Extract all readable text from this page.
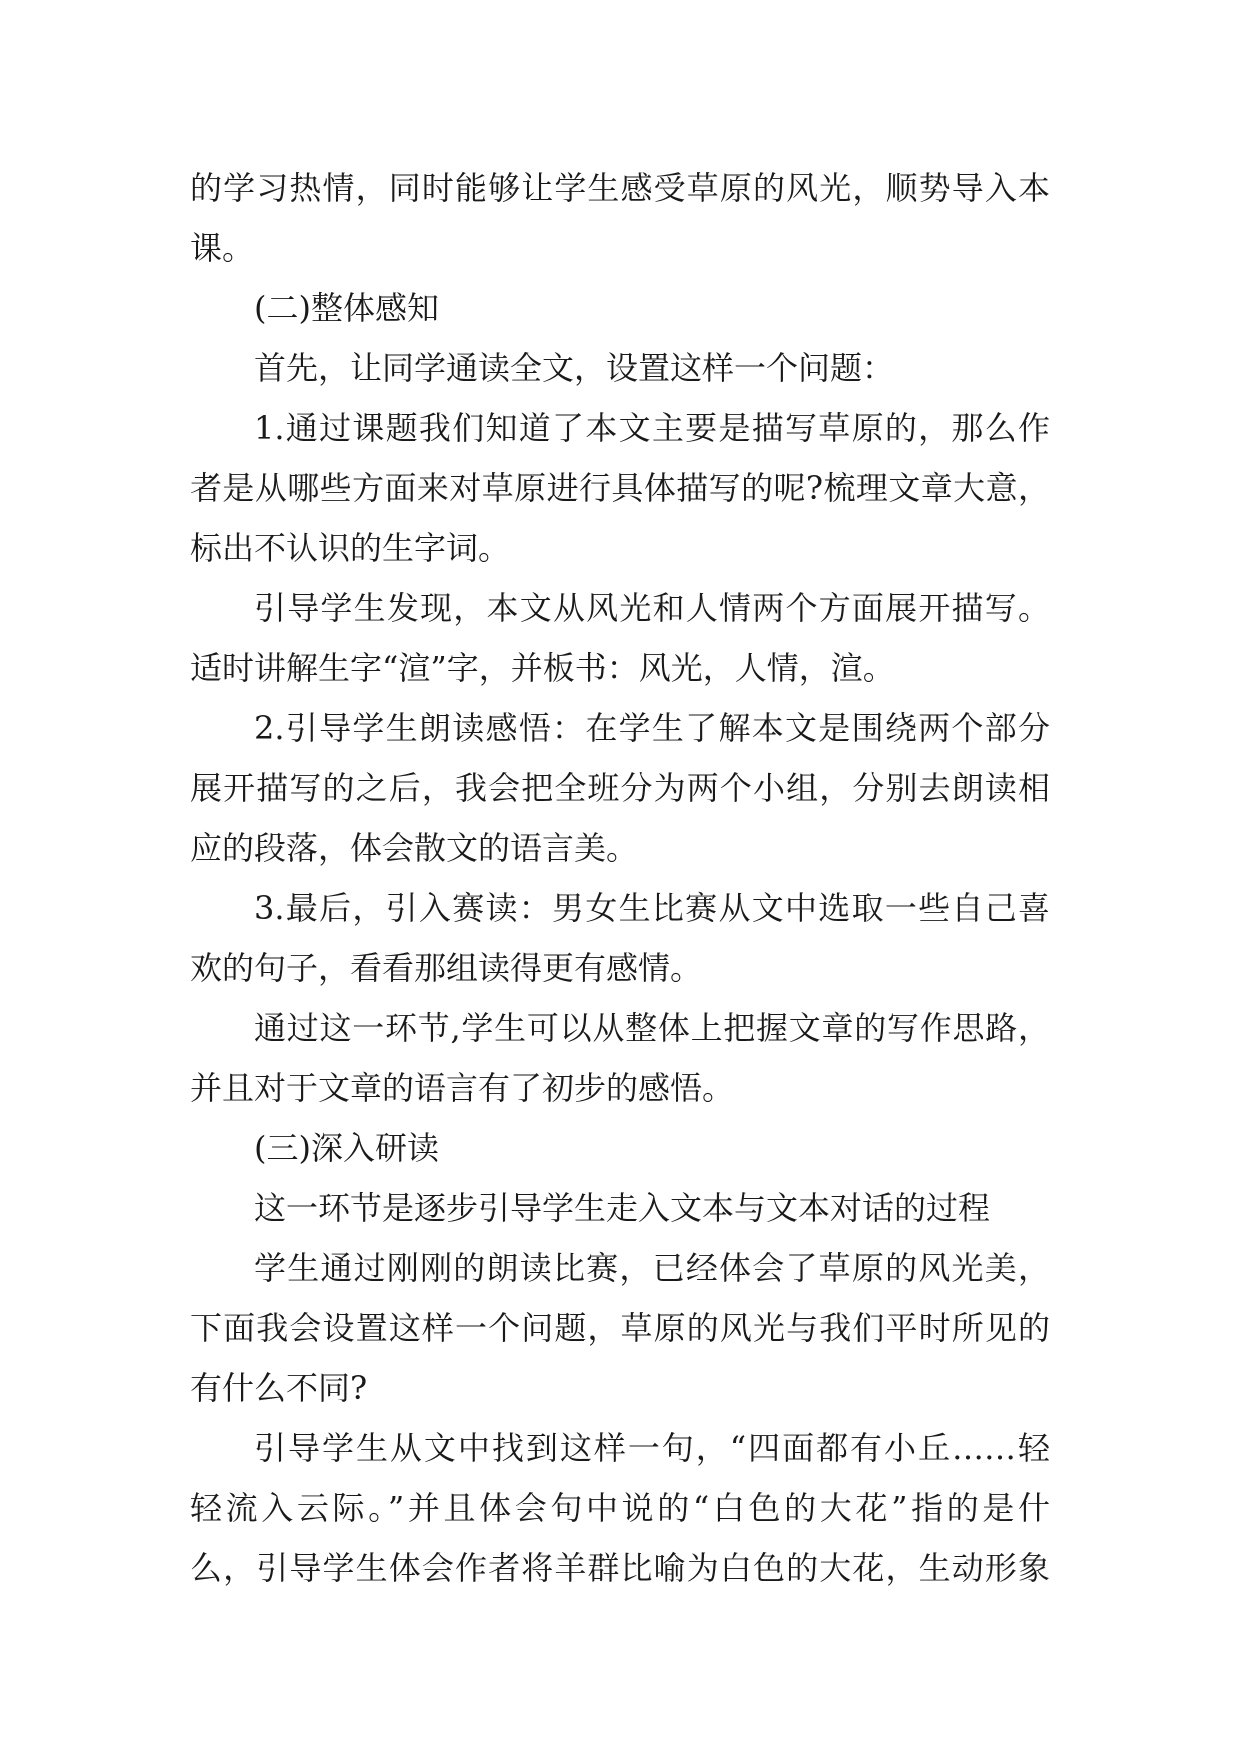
的学习热情，同时能够让学生感受草原的风光，顺势导入本
课。
(二)整体感知
首先，让同学通读全文，设置这样一个问题：
1.通过课题我们知道了本文主要是描写草原的，那么作
者是从哪些方面来对草原进行具体描写的呢?梳理文章大意，
标出不认识的生字词。
引导学生发现，本文从风光和人情两个方面展开描写。
适时讲解生字“渲”字，并板书：风光，人情，渲。
2.引导学生朗读感悟：在学生了解本文是围绕两个部分
展开描写的之后，我会把全班分为两个小组，分别去朗读相
应的段落，体会散文的语言美。
3.最后，引入赛读：男女生比赛从文中选取一些自己喜
欢的句子，看看那组读得更有感情。
通过这一环节,学生可以从整体上把握文章的写作思路，
并且对于文章的语言有了初步的感悟。
(三)深入研读
这一环节是逐步引导学生走入文本与文本对话的过程
学生通过刚刚的朗读比赛，已经体会了草原的风光美，
下面我会设置这样一个问题，草原的风光与我们平时所见的
有什么不同?
引导学生从文中找到这样一句，“四面都有小丘……轻
轻流入云际。”并且体会句中说的“白色的大花”指的是什
么，引导学生体会作者将羊群比喻为白色的大花，生动形象
